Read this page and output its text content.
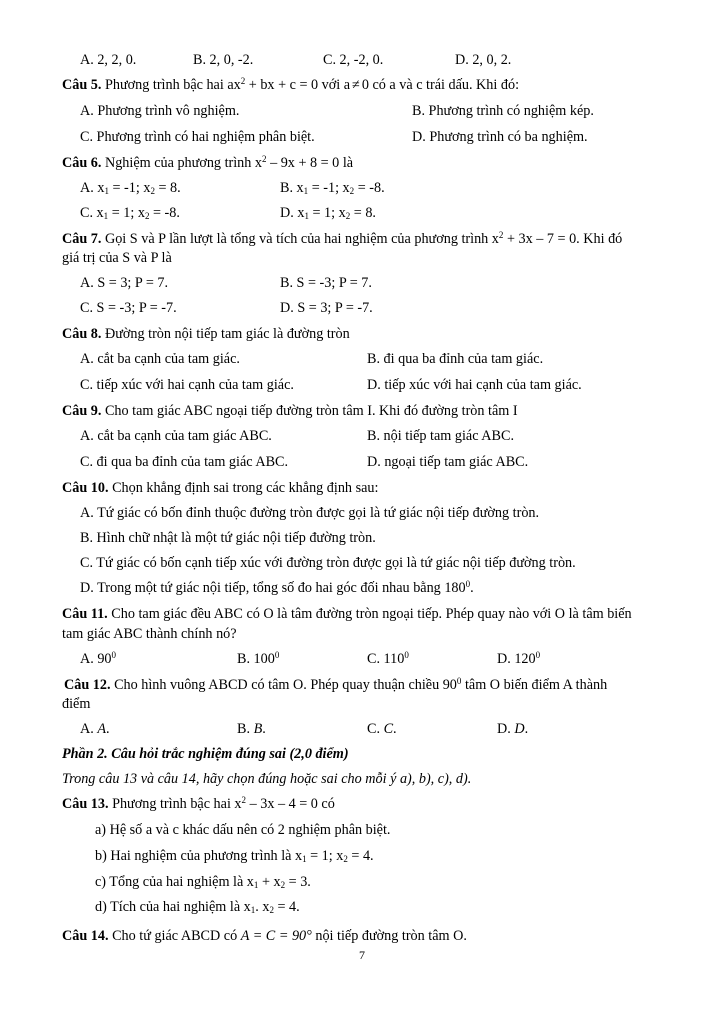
A. 2, 2, 0.	B. 2, 0, -2.	C. 2, -2, 0.	D. 2, 0, 2.
Câu 5. Phương trình bậc hai $ax^2$ + bx + c = 0 với a ≠ 0 có a và c trái dấu. Khi đó:
A. Phương trình vô nghiệm.	B. Phương trình có nghiệm kép.
C. Phương trình có hai nghiệm phân biệt.	D. Phương trình có ba nghiệm.
Câu 6. Nghiệm của phương trình $x^2 - 9x + 8 = 0$ là
A. $x_1 = -1$; $x_2 = 8$.	B. $x_1 = -1$; $x_2 = -8$.
C. $x_1 = 1$; $x_2 = -8$.	D. $x_1 = 1$; $x_2 = 8$.
Câu 7. Gọi S và P lần lượt là tổng và tích của hai nghiệm của phương trình $x^2 + 3x - 7 = 0$. Khi đó
giá trị của S và P là
A. S = 3; P = 7.	B. S = -3; P = 7.
C. S = -3; P = -7.	D. S = 3; P = -7.
Câu 8. Đường tròn nội tiếp tam giác là đường tròn
A. cắt ba cạnh của tam giác.	B. đi qua ba đỉnh của tam giác.
C. tiếp xúc với hai cạnh của tam giác.	D. tiếp xúc với hai cạnh của tam giác.
Câu 9. Cho tam giác ABC ngoại tiếp đường tròn tâm I. Khi đó đường tròn tâm I
A. cắt ba cạnh của tam giác ABC.	B. nội tiếp tam giác ABC.
C. đi qua ba đỉnh của tam giác ABC.	D. ngoại tiếp tam giác ABC.
Câu 10. Chọn khẳng định sai trong các khẳng định sau:
A. Tứ giác có bốn đỉnh thuộc đường tròn được gọi là tứ giác nội tiếp đường tròn.
B. Hình chữ nhật là một tứ giác nội tiếp đường tròn.
C. Tứ giác có bốn cạnh tiếp xúc với đường tròn được gọi là tứ giác nội tiếp đường tròn.
D. Trong một tứ giác nội tiếp, tổng số đo hai góc đối nhau bằng $180^0$.
Câu 11. Cho tam giác đều ABC có O là tâm đường tròn ngoại tiếp. Phép quay nào với O là tâm biến
tam giác ABC thành chính nó?
A. $90^0$	B. $100^0$	C. $110^0$	D. $120^0$
Câu 12. Cho hình vuông ABCD có tâm O. Phép quay thuận chiều $90^0$ tâm O biến điểm A thành
điểm
A. A.	B. B.	C. C.	D. D.
Phần 2. Câu hỏi trắc nghiệm đúng sai (2,0 điểm)
Trong câu 13 và câu 14, hãy chọn đúng hoặc sai cho mỗi ý a), b), c), d).
Câu 13. Phương trình bậc hai $x^2 - 3x - 4 = 0$ có
a) Hệ số a và c khác dấu nên có 2 nghiệm phân biệt.
b) Hai nghiệm của phương trình là $x_1 = 1$; $x_2 = 4$.
c) Tổng của hai nghiệm là $x_1 + x_2 = 3$.
d) Tích của hai nghiệm là $x_1$. $x_2 = 4$.
Câu 14. Cho tứ giác ABCD có A = C = 90° nội tiếp đường tròn tâm O.
7
